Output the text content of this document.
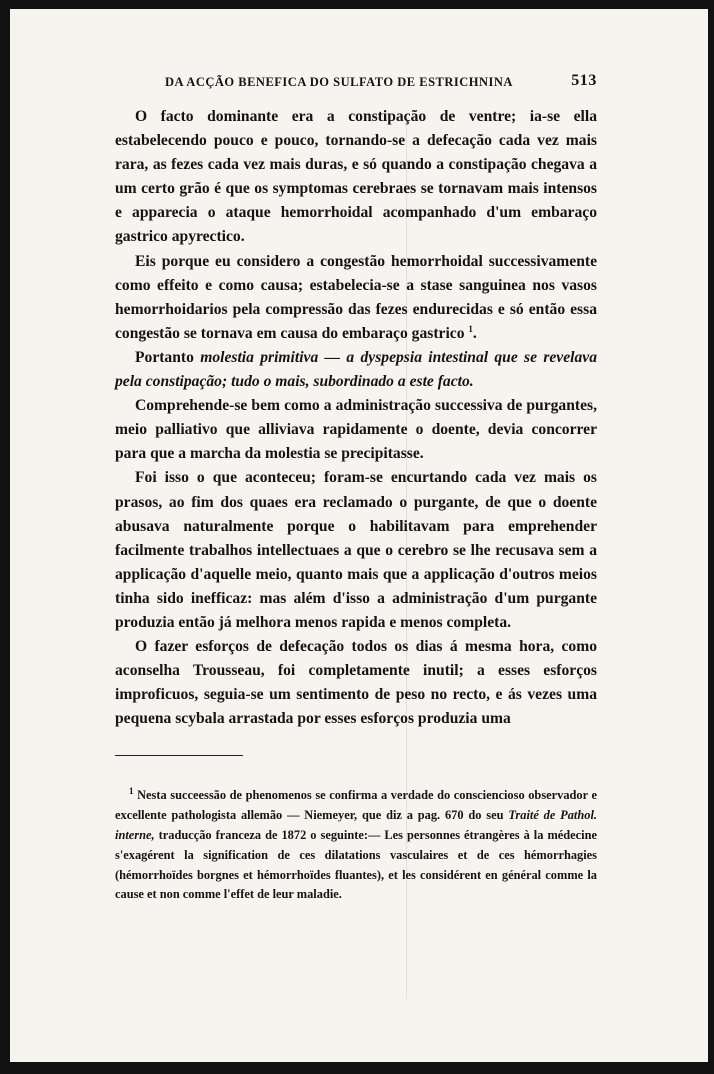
DA ACÇÃO BENEFICA DO SULFATO DE ESTRICHNINA	513

O facto dominante era a constipação de ventre; ia-se ella estabelecendo pouco e pouco, tornando-se a defecação cada vez mais rara, as fezes cada vez mais duras, e só quando a constipação chegava a um certo grão é que os symptomas cerebraes se tornavam mais intensos e apparecia o ataque hemorrhoidal acompanhado d'um embaraço gastrico apyrectico.

Eis porque eu considero a congestão hemorrhoidal successivamente como effeito e como causa; estabelecia-se a stase sanguinea nos vasos hemorrhoidarios pela compressão das fezes endurecidas e só então essa congestão se tornava em causa do embaraço gastrico $^1$.

Portanto molestia primitiva — a dyspepsia intestinal que se revelava pela constipação; tudo o mais, subordinado a este facto.

Comprehende-se bem como a administração successiva de purgantes, meio palliativo que alliviava rapidamente o doente, devia concorrer para que a marcha da molestia se precipitasse.

Foi isso o que aconteceu; foram-se encurtando cada vez mais os prasos, ao fim dos quaes era reclamado o purgante, de que o doente abusava naturalmente porque o habilitavam para emprehender facilmente trabalhos intellectuaes a que o cerebro se lhe recusava sem a applicação d'aquelle meio, quanto mais que a applicação d'outros meios tinha sido inefficaz: mas além d'isso a administração d'um purgante produzia então já melhora menos rapida e menos completa.

O fazer esforços de defecação todos os dias á mesma hora, como aconselha Trousseau, foi completamente inutil; a esses esforços improficuos, seguia-se um sentimento de peso no recto, e ás vezes uma pequena scybala arrastada por esses esforços produzia uma

$^1$ Nesta succeessão de phenomenos se confirma a verdade do consciencioso observador e excellente pathologista allemão — Niemeyer, que diz a pag. 670 do seu Traité de Pathol. interne, traducção franceza de 1872 o seguinte:— Les personnes étrangères à la médecine s'exagérent la signification de ces dilatations vasculaires et de ces hémorrhagies (hémorrhoïdes borgnes et hémorrhoïdes fluantes), et les considérent en général comme la cause et non comme l'effet de leur maladie.
